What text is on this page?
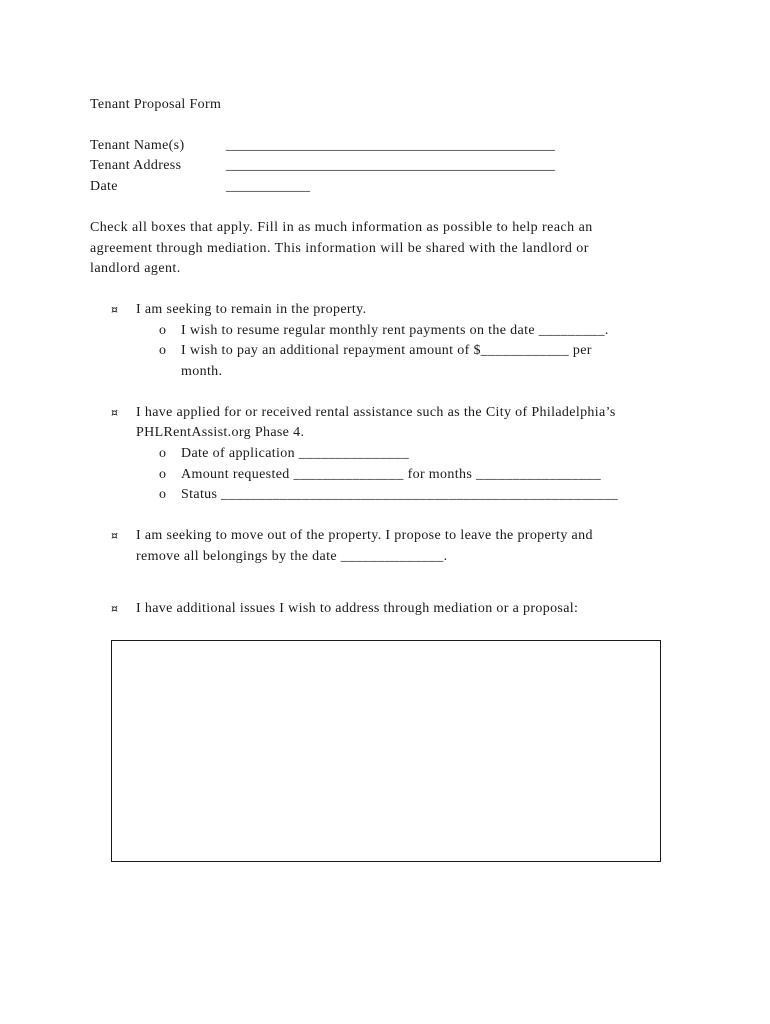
Tenant Proposal Form
Tenant Name(s)	_______________________________________________
Tenant Address	_______________________________________________
Date	____________
Check all boxes that apply. Fill in as much information as possible to help reach an
agreement through mediation. This information will be shared with the landlord or
landlord agent.
¤ I am seeking to remain in the property.
o I wish to resume regular monthly rent payments on the date _________.
o I wish to pay an additional repayment amount of $____________ per
month.
¤ I have applied for or received rental assistance such as the City of Philadelphia’s
PHLRentAssist.org Phase 4.
o Date of application _______________
o Amount requested _______________ for months _________________
o Status ______________________________________________________
¤ I am seeking to move out of the property. I propose to leave the property and
remove all belongings by the date ______________.
¤ I have additional issues I wish to address through mediation or a proposal:
